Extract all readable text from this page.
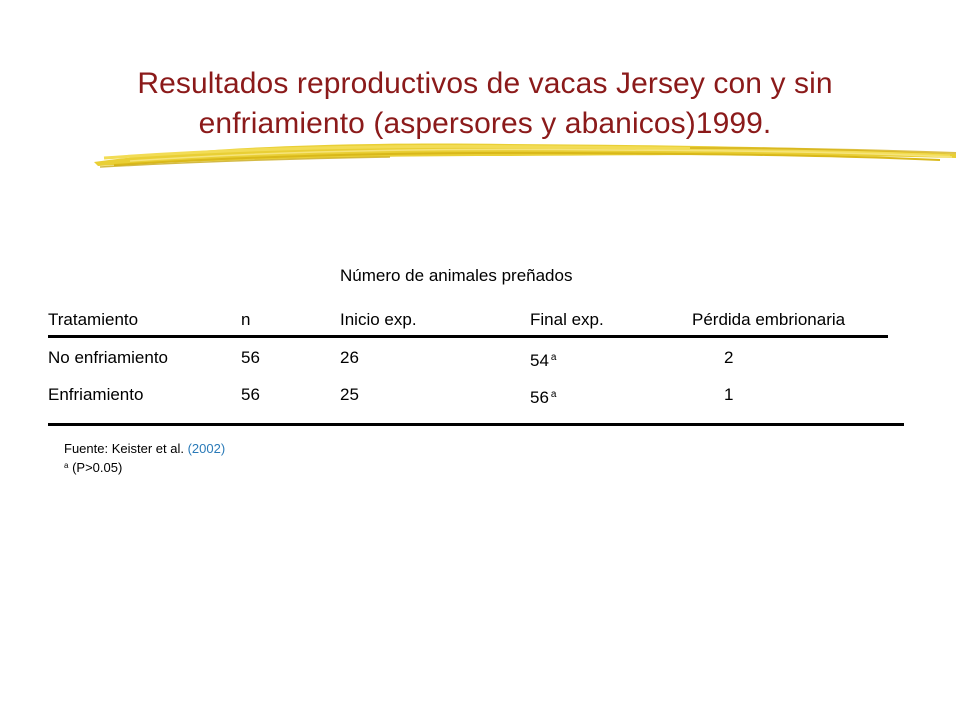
Resultados reproductivos de vacas Jersey con y sin enfriamiento (aspersores y abanicos)1999.
Número de animales preñados
Tratamiento	n	Inicio exp.	Final exp.	Pérdida embrionaria
No enfriamiento	56	26	54 $^a$	2
Enfriamiento	56	25	56 $^a$	1
Fuente: Keister et al. (2002)
$^a$ (P>0.05)
